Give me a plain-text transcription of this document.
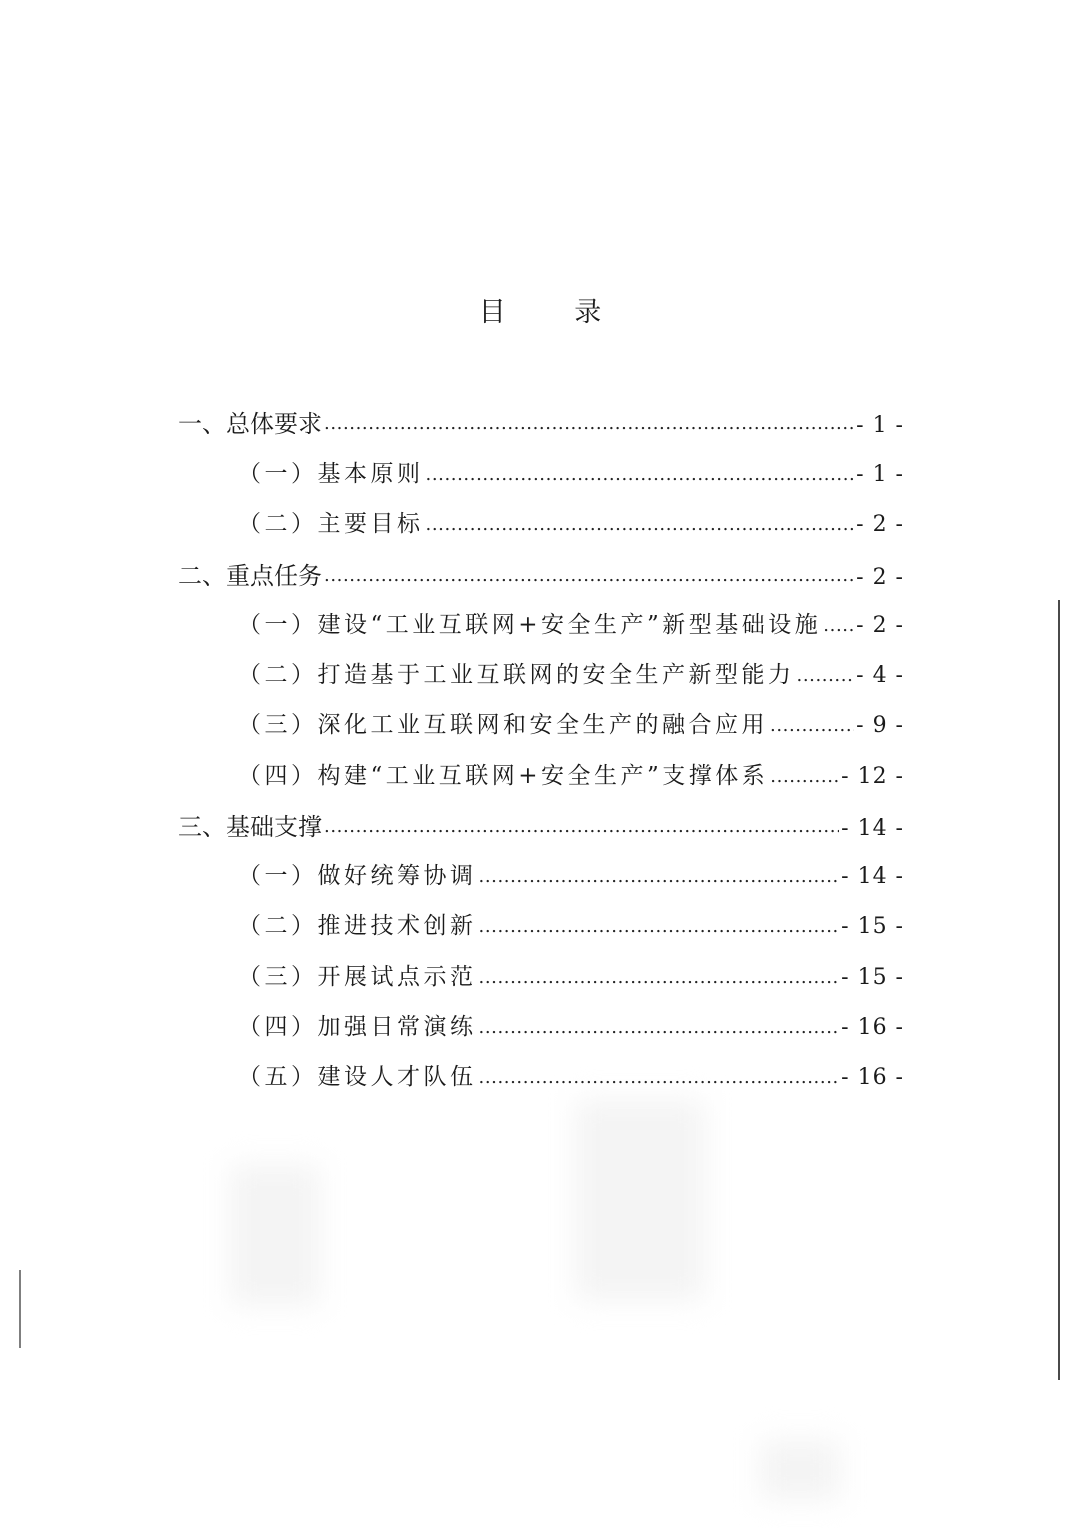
目 录
一、总体要求 .....	- 1 -
（一）基本原则 .....	- 1 -
（二）主要目标 .....	- 2 -
二、重点任务 .....	- 2 -
（一）建设“工业互联网+安全生产”新型基础设施 ..... - 2 -
（二）打造基于工业互联网的安全生产新型能力 .....	- 4 -
（三）深化工业互联网和安全生产的融合应用 .....	- 9 -
（四）构建“工业互联网+安全生产”支撑体系 .....	- 12 -
三、基础支撑 .....	- 14 -
（一）做好统筹协调 .....	- 14 -
（二）推进技术创新 .....	- 15 -
（三）开展试点示范 .....	- 15 -
（四）加强日常演练 .....	- 16 -
（五）建设人才队伍 .....	- 16 -
